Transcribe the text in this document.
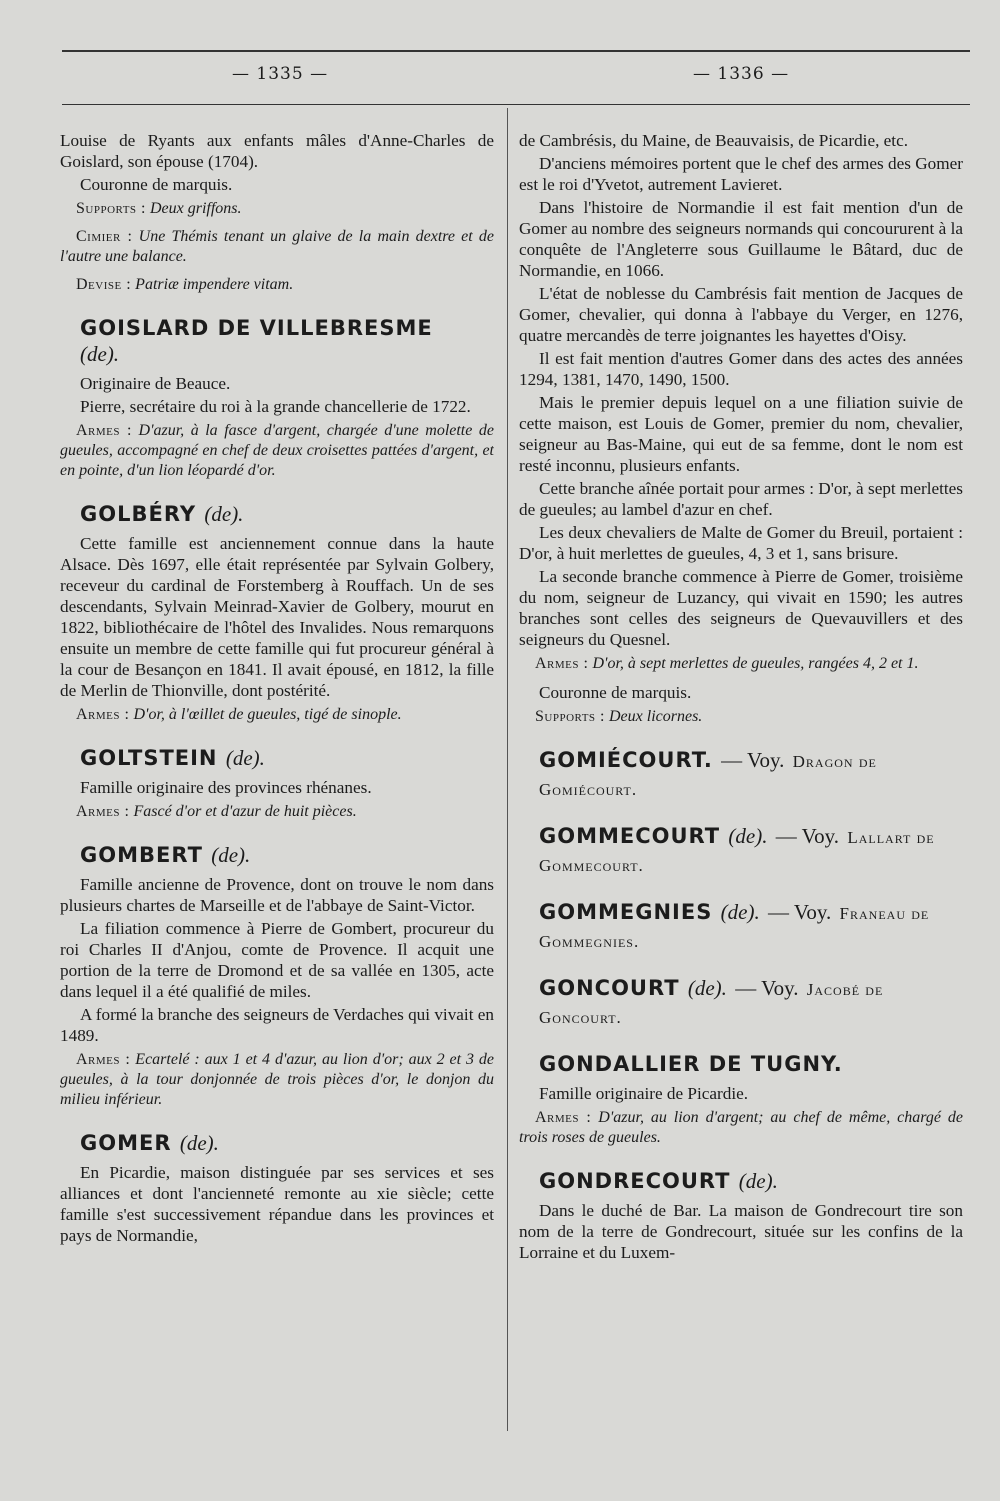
— 1335 —	— 1336 —

Louise de Ryants aux enfants mâles d'Anne-Charles de Goislard, son épouse (1704).

Couronne de marquis.

Supports : Deux griffons.

Cimier : Une Thémis tenant un glaive de la main dextre et de l'autre une balance.

Devise : Patriæ impendere vitam.

GOISLARD DE VILLEBRESME
(de).

Originaire de Beauce.

Pierre, secrétaire du roi à la grande chancellerie de 1722.

Armes : D'azur, à la fasce d'argent, chargée d'une molette de gueules, accompagné en chef de deux croisettes pattées d'argent, et en pointe, d'un lion léopardé d'or.

GOLBÉRY (de).

Cette famille est anciennement connue dans la haute Alsace. Dès 1697, elle était représentée par Sylvain Golbery, receveur du cardinal de Forstemberg à Rouffach. Un de ses descendants, Sylvain Meinrad-Xavier de Golbery, mourut en 1822, bibliothécaire de l'hôtel des Invalides. Nous remarquons ensuite un membre de cette famille qui fut procureur général à la cour de Besançon en 1841. Il avait épousé, en 1812, la fille de Merlin de Thionville, dont postérité.

Armes : D'or, à l'œillet de gueules, tigé de sinople.

GOLTSTEIN (de).

Famille originaire des provinces rhénanes.

Armes : Fascé d'or et d'azur de huit pièces.

GOMBERT (de).

Famille ancienne de Provence, dont on trouve le nom dans plusieurs chartes de Marseille et de l'abbaye de Saint-Victor.

La filiation commence à Pierre de Gombert, procureur du roi Charles II d'Anjou, comte de Provence. Il acquit une portion de la terre de Dromond et de sa vallée en 1305, acte dans lequel il a été qualifié de miles.

A formé la branche des seigneurs de Verdaches qui vivait en 1489.

Armes : Ecartelé : aux 1 et 4 d'azur, au lion d'or; aux 2 et 3 de gueules, à la tour donjonnée de trois pièces d'or, le donjon du milieu inférieur.

GOMER (de).

En Picardie, maison distinguée par ses services et ses alliances et dont l'ancienneté remonte au xie siècle; cette famille s'est successivement répandue dans les provinces et pays de Normandie,

de Cambrésis, du Maine, de Beauvaisis, de Picardie, etc.

D'anciens mémoires portent que le chef des armes des Gomer est le roi d'Yvetot, autrement Lavieret.

Dans l'histoire de Normandie il est fait mention d'un de Gomer au nombre des seigneurs normands qui concoururent à la conquête de l'Angleterre sous Guillaume le Bâtard, duc de Normandie, en 1066.

L'état de noblesse du Cambrésis fait mention de Jacques de Gomer, chevalier, qui donna à l'abbaye du Verger, en 1276, quatre mercandès de terre joignantes les hayettes d'Oisy.

Il est fait mention d'autres Gomer dans des actes des années 1294, 1381, 1470, 1490, 1500.

Mais le premier depuis lequel on a une filiation suivie de cette maison, est Louis de Gomer, premier du nom, chevalier, seigneur au Bas-Maine, qui eut de sa femme, dont le nom est resté inconnu, plusieurs enfants.

Cette branche aînée portait pour armes : D'or, à sept merlettes de gueules; au lambel d'azur en chef.

Les deux chevaliers de Malte de Gomer du Breuil, portaient : D'or, à huit merlettes de gueules, 4, 3 et 1, sans brisure.

La seconde branche commence à Pierre de Gomer, troisième du nom, seigneur de Luzancy, qui vivait en 1590; les autres branches sont celles des seigneurs de Quevauvillers et des seigneurs du Quesnel.

Armes : D'or, à sept merlettes de gueules, rangées 4, 2 et 1.

Couronne de marquis.

Supports : Deux licornes.

GOMIÉCOURT. — Voy. Dragon de Gomiécourt.
GOMMECOURT (de). — Voy. Lallart de Gommecourt.
GOMMEGNIES (de). — Voy. Franeau de Gommegnies.
GONCOURT (de). — Voy. Jacobé de Goncourt.
GONDALLIER DE TUGNY.

Famille originaire de Picardie.

Armes : D'azur, au lion d'argent; au chef de même, chargé de trois roses de gueules.

GONDRECOURT (de).

Dans le duché de Bar. La maison de Gondrecourt tire son nom de la terre de Gondrecourt, située sur les confins de la Lorraine et du Luxem-
